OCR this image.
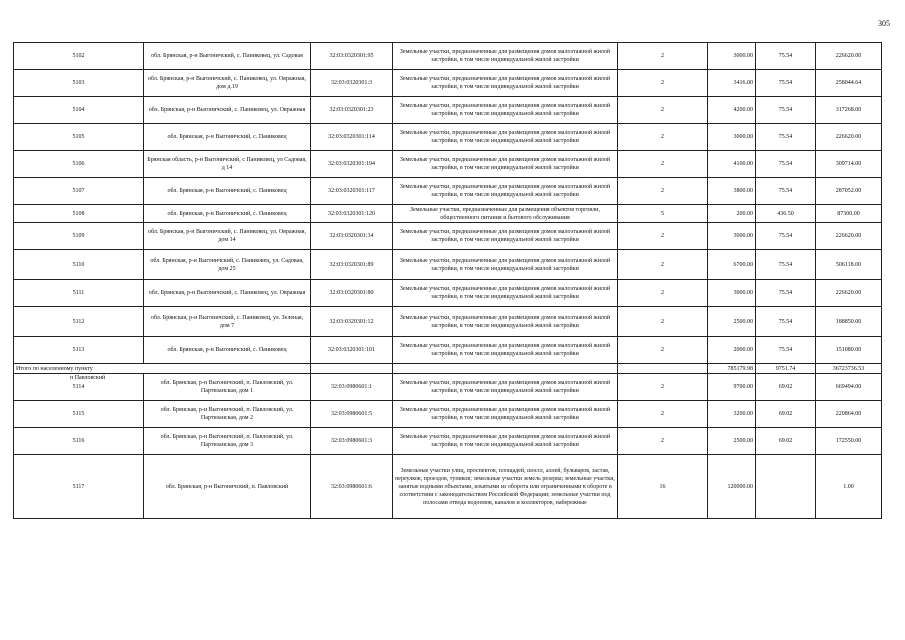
305
5102	обл. Брянская, р-н Выгоничский, с. Паниковец, ул. Садовая	32:03:0320301:95	Земельные участки, предназначенные для размещения домов малоэтажной жилой застройки, в том числе индивидуальной жилой застройки	2	3000.00	75.54	226620.00
5103	обл. Брянская, р-н Выгоничский, с. Паниковец, ул. Овражная, дом д.19	32:03:0320301:3	Земельные участки, предназначенные для размещения домов малоэтажной жилой застройки, в том числе индивидуальной жилой застройки	2	3416.00	75.54	258044.64
5104	обл. Брянская, р-н Выгоничский, с. Паниковец, ул. Овражная	32:03:0320301:23	Земельные участки, предназначенные для размещения домов малоэтажной жилой застройки, в том числе индивидуальной жилой застройки	2	4200.00	75.54	317268.00
5105	обл. Брянская, р-н Выгоничский, с. Паниковец	32:03:0320301:114	Земельные участки, предназначенные для размещения домов малоэтажной жилой застройки, в том числе индивидуальной жилой застройки	2	3000.00	75.54	226620.00
5106	Брянская область, р-н Выгоничский, с Паниковец, ул Садовая, д 14	32:03:0320301:194	Земельные участки, предназначенные для размещения домов малоэтажной жилой застройки, в том числе индивидуальной жилой застройки	2	4100.00	75.54	309714.00
5107	обл. Брянская, р-н Выгоничский, с. Паниковец	32:03:0320301:117	Земельные участки, предназначенные для размещения домов малоэтажной жилой застройки, в том числе индивидуальной жилой застройки	2	3800.00	75.54	287052.00
5108	обл. Брянская, р-н Выгоничский, с. Паниковец	32:03:0320301:120	Земельные участки, предназначенные для размещения объектов торговли, общественного питания и бытового обслуживания	5	200.00	436.50	87300.00
5109	обл. Брянская, р-н Выгоничский, с. Паниковец, ул. Овражная, дом 14	32:03:0320301:34	Земельные участки, предназначенные для размещения домов малоэтажной жилой застройки, в том числе индивидуальной жилой застройки	2	3000.00	75.54	226620.00
5110	обл. Брянская, р-н Выгоничский, с. Паниковец, ул. Садовая, дом 25	32:03:0320301:89	Земельные участки, предназначенные для размещения домов малоэтажной жилой застройки, в том числе индивидуальной жилой застройки	2	6700.00	75.54	506118.00
5111	обл. Брянская, р-н Выгоничский, с. Паниковец, ул. Овражная	32:03:0320301:80	Земельные участки, предназначенные для размещения домов малоэтажной жилой застройки, в том числе индивидуальной жилой застройки	2	3000.00	75.54	226620.00
5112	обл. Брянская, р-н Выгоничский, с. Паниковец, ул. Зеленая, дом 7	32:03:0320301:12	Земельные участки, предназначенные для размещения домов малоэтажной жилой застройки, в том числе индивидуальной жилой застройки	2	2500.00	75.54	188850.00
5113	обл. Брянская, р-н Выгоничский, с. Паниковец	32:03:0320301:101	Земельные участки, предназначенные для размещения домов малоэтажной жилой застройки, в том числе индивидуальной жилой застройки	2	2000.00	75.54	151080.00
Итого по населенному пункту					785179.98	9751.74	36723736.53
5114	обл. Брянская, р-н Выгоничский, п. Павловский, ул. Партизанская, дом 1	32:03:0980601:1	Земельные участки, предназначенные для размещения домов малоэтажной жилой застройки, в том числе индивидуальной жилой застройки	2	9700.00	69.02	669494.00
5115	обл. Брянская, р-н Выгоничский, п. Павловский, ул. Партизанская, дом 2	32:03:0980601:5	Земельные участки, предназначенные для размещения домов малоэтажной жилой застройки, в том числе индивидуальной жилой застройки	2	3200.00	69.02	220864.00
5116	обл. Брянская, р-н Выгоничский, п. Павловский, ул. Партизанская, дом 3	32:03:0980601:3	Земельные участки, предназначенные для размещения домов малоэтажной жилой застройки, в том числе индивидуальной жилой застройки	2	2500.00	69.02	172550.00
5117	обл. Брянская, р-н Выгоничский, п. Павловский	32:03:0980601:6	Земельные участки улиц, проспектов, площадей, шоссе, аллей, бульваров, застав, переулков, проездов, тупиков; земельные участки земель резерва; земельные участки, занятые водными объектами, изъятыми из оборота или ограниченными в обороте в соответствии с законодательством Российской Федерации; земельные участки под полосами отвода водоемов, каналов и коллекторов, набережные	16	120000.00		1.00
п Павловский
